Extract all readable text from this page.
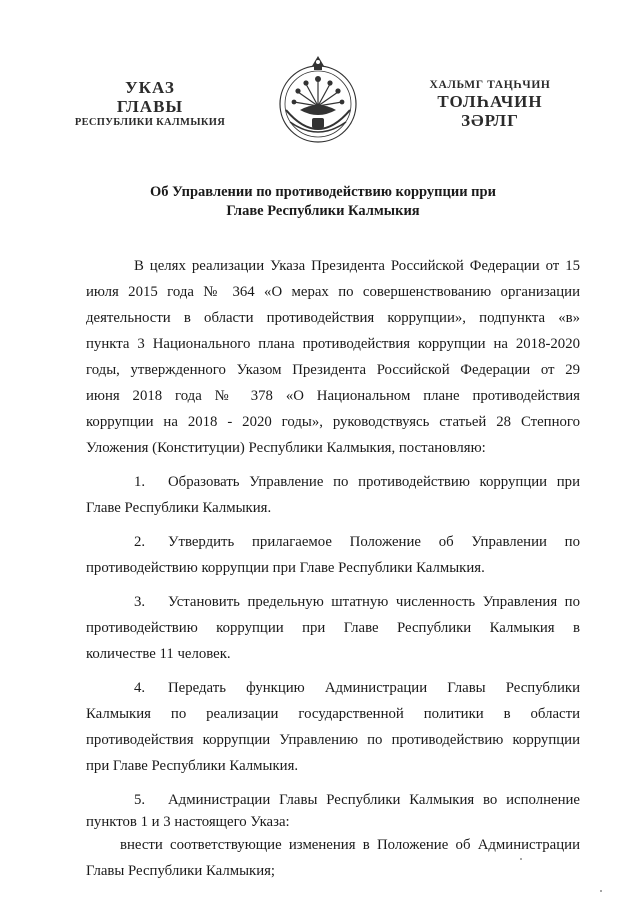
УКАЗ
ГЛАВЫ
РЕСПУБЛИКИ КАЛМЫКИЯ
ХАЛЬМГ ТАҢҺЧИН
ТОЛҺАЧИН
ЗӘРЛГ
Об Управлении по противодействию коррупции при
Главе Республики Калмыкия
В целях реализации Указа Президента Российской Федерации от 15
июля 2015 года № 364 «О мерах по совершенствованию организации
деятельности в области противодействия коррупции», подпункта «в»
пункта 3 Национального плана противодействия коррупции на 2018-2020
годы, утвержденного Указом Президента Российской Федерации от 29
июня 2018 года № 378 «О Национальном плане противодействия
коррупции на 2018 - 2020 годы», руководствуясь статьей 28 Степного
Уложения (Конституции) Республики Калмыкия, постановляю:
1. Образовать Управление по противодействию коррупции при
Главе Республики Калмыкия.
2. Утвердить прилагаемое Положение об Управлении по
противодействию коррупции при Главе Республики Калмыкия.
3. Установить предельную штатную численность Управления по
противодействию коррупции при Главе Республики Калмыкия в
количестве 11 человек.
4. Передать функцию Администрации Главы Республики
Калмыкия по реализации государственной политики в области
противодействия коррупции Управлению по противодействию коррупции
при Главе Республики Калмыкия.
5. Администрации Главы Республики Калмыкия во исполнение
пунктов 1 и 3 настоящего Указа:
внести соответствующие изменения в Положение об Администрации
Главы Республики Калмыкия;
